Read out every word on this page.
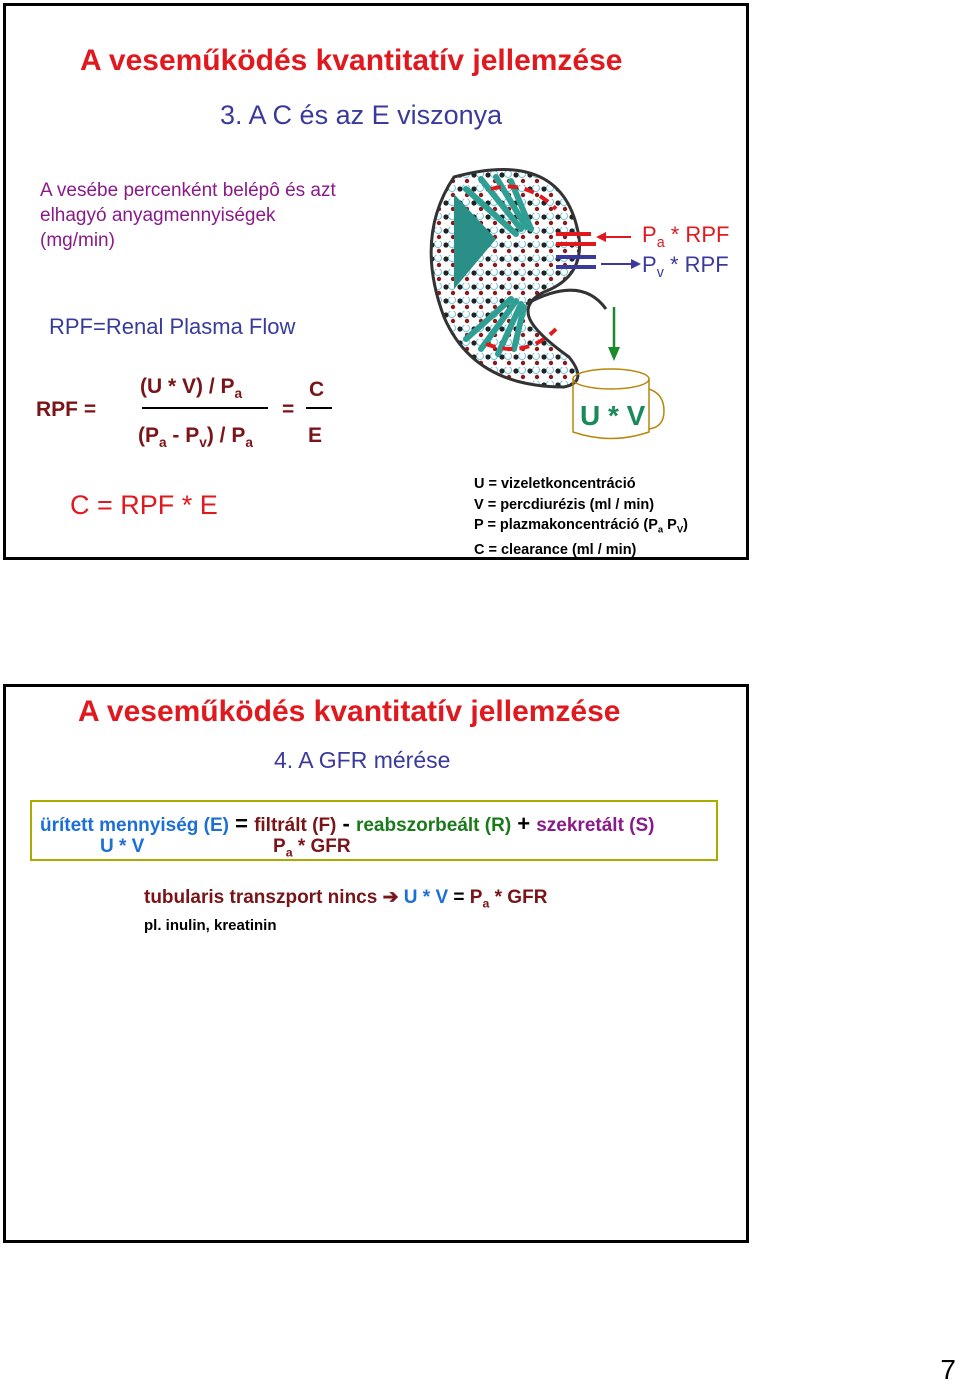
A veseműködés kvantitatív jellemzése
3. A C és az E viszonya
A vesébe percenként belépô és azt
elhagyó anyagmennyiségek
(mg/min)
RPF=Renal Plasma Flow
$P_a$ * RPF
$P_v$ * RPF
U * V
RPF =
$(U * V) / P_a$
$(P_a - P_v) / P_a$
=
C
E
C = RPF * E
U = vizeletkoncentráció
V = percdiurézis (ml / min)
P = plazmakoncentráció ($P_a$ $P_V$)
C = clearance (ml / min)
A veseműködés kvantitatív jellemzése
4. A GFR mérése
ürített mennyiség (E) = filtrált (F) - reabszorbeált (R) + szekretált (S)
U * V	$P_a$ * GFR
tubularis transzport nincs ➔ $U * V = P_a$ * GFR
pl. inulin, kreatinin
7
